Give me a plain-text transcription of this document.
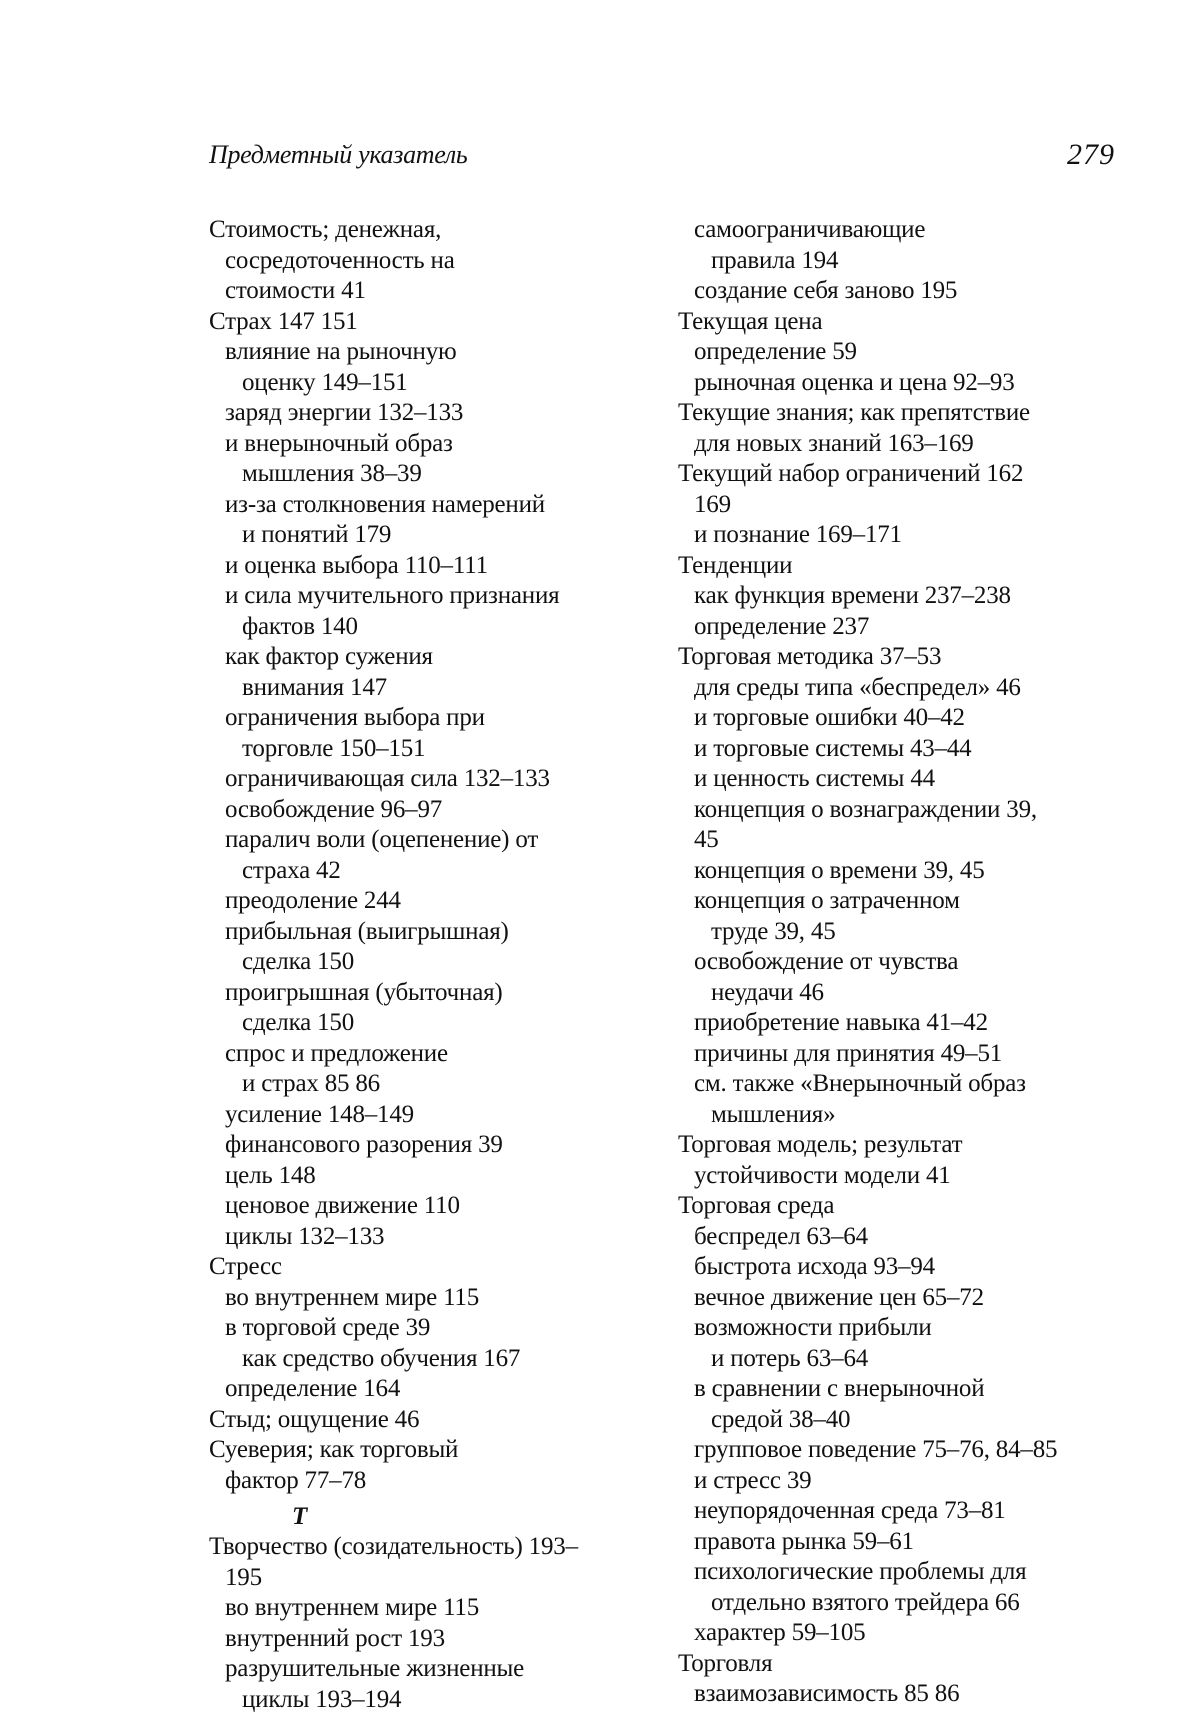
Предметный указатель	279
Стоимость; денежная,
сосредоточенность на
стоимости 41
Страх 147 151
влияние на рыночную
оценку 149–151
заряд энергии 132–133
и внерыночный образ
мышления 38–39
из-за столкновения намерений
и понятий 179
и оценка выбора 110–111
и сила мучительного признания
фактов 140
как фактор сужения
внимания 147
ограничения выбора при
торговле 150–151
ограничивающая сила 132–133
освобождение 96–97
паралич воли (оцепенение) от
страха 42
преодоление 244
прибыльная (выигрышная)
сделка 150
проигрышная (убыточная)
сделка 150
спрос и предложение
и страх 85 86
усиление 148–149
финансового разорения 39
цель 148
ценовое движение 110
циклы 132–133
Стресс
во внутреннем мире 115
в торговой среде 39
как средство обучения 167
определение 164
Стыд; ощущение 46
Суеверия; как торговый
фактор 77–78
Т
Творчество (созидательность) 193–
195
во внутреннем мире 115
внутренний рост 193
разрушительные жизненные
циклы 193–194
самоограничивающие
правила 194
создание себя заново 195
Текущая цена
определение 59
рыночная оценка и цена 92–93
Текущие знания; как препятствие
для новых знаний 163–169
Текущий набор ограничений 162
169
и познание 169–171
Тенденции
как функция времени 237–238
определение 237
Торговая методика 37–53
для среды типа «беспредел» 46
и торговые ошибки 40–42
и торговые системы 43–44
и ценность системы 44
концепция о вознаграждении 39,
45
концепция о времени 39, 45
концепция о затраченном
труде 39, 45
освобождение от чувства
неудачи 46
приобретение навыка 41–42
причины для принятия 49–51
см. также «Внерыночный образ
мышления»
Торговая модель; результат
устойчивости модели 41
Торговая среда
беспредел 63–64
быстрота исхода 93–94
вечное движение цен 65–72
возможности прибыли
и потерь 63–64
в сравнении с внерыночной
средой 38–40
групповое поведение 75–76, 84–85
и стресс 39
неупорядоченная среда 73–81
правота рынка 59–61
психологические проблемы для
отдельно взятого трейдера 66
характер 59–105
Торговля
взаимозависимость 85 86
